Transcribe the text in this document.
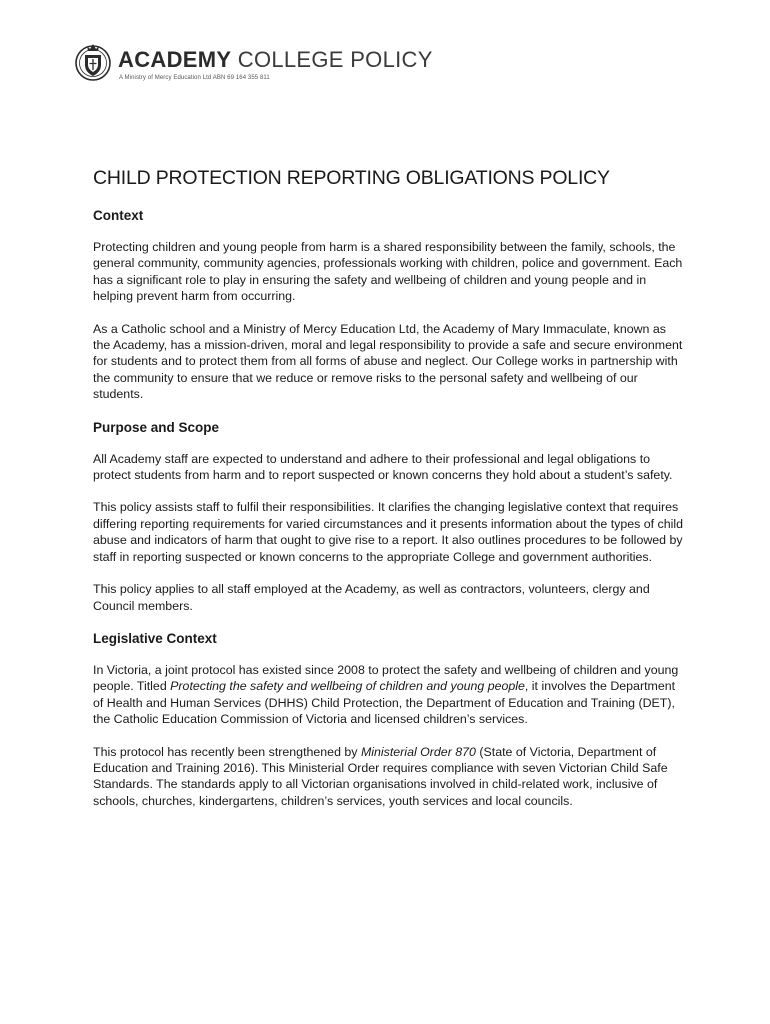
ACADEMY COLLEGE POLICY
A Ministry of Mercy Education Ltd ABN 69 164 355 811
CHILD PROTECTION REPORTING OBLIGATIONS POLICY
Context

Protecting children and young people from harm is a shared responsibility between the family, schools, the general community, community agencies, professionals working with children, police and government. Each has a significant role to play in ensuring the safety and wellbeing of children and young people and in helping prevent harm from occurring.

As a Catholic school and a Ministry of Mercy Education Ltd, the Academy of Mary Immaculate, known as the Academy, has a mission-driven, moral and legal responsibility to provide a safe and secure environment for students and to protect them from all forms of abuse and neglect. Our College works in partnership with the community to ensure that we reduce or remove risks to the personal safety and wellbeing of our students.

Purpose and Scope

All Academy staff are expected to understand and adhere to their professional and legal obligations to protect students from harm and to report suspected or known concerns they hold about a student’s safety.

This policy assists staff to fulfil their responsibilities. It clarifies the changing legislative context that requires differing reporting requirements for varied circumstances and it presents information about the types of child abuse and indicators of harm that ought to give rise to a report. It also outlines procedures to be followed by staff in reporting suspected or known concerns to the appropriate College and government authorities.

This policy applies to all staff employed at the Academy, as well as contractors, volunteers, clergy and Council members.

Legislative Context

In Victoria, a joint protocol has existed since 2008 to protect the safety and wellbeing of children and young people. Titled Protecting the safety and wellbeing of children and young people, it involves the Department of Health and Human Services (DHHS) Child Protection, the Department of Education and Training (DET), the Catholic Education Commission of Victoria and licensed children’s services.

This protocol has recently been strengthened by Ministerial Order 870 (State of Victoria, Department of Education and Training 2016). This Ministerial Order requires compliance with seven Victorian Child Safe Standards. The standards apply to all Victorian organisations involved in child-related work, inclusive of schools, churches, kindergartens, children’s services, youth services and local councils.
